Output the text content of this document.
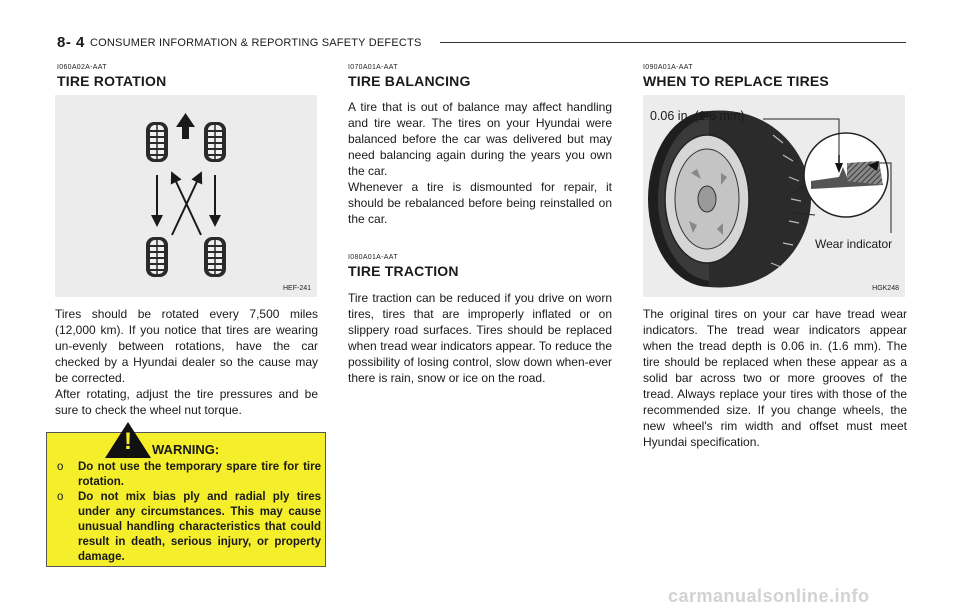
8- 4 CONSUMER INFORMATION & REPORTING SAFETY DEFECTS
I060A02A-AAT
TIRE ROTATION
HEF-241
Tires should be rotated every 7,500 miles (12,000 km). If you notice that tires are wearing un-evenly between rotations, have the car checked by a Hyundai dealer so the cause may be corrected.
After rotating, adjust the tire pressures and be sure to check the wheel nut torque.
! WARNING:
o Do not use the temporary spare tire for tire rotation.
o Do not mix bias ply and radial ply tires under any circumstances. This may cause unusual handling characteristics that could result in death, serious injury, or property damage.
I070A01A-AAT
TIRE BALANCING
A tire that is out of balance may affect handling and tire wear. The tires on your Hyundai were balanced before the car was delivered but may need balancing again during the years you own the car.
Whenever a tire is dismounted for repair, it should be rebalanced before being reinstalled on the car.
I080A01A-AAT
TIRE TRACTION
Tire traction can be reduced if you drive on worn tires, tires that are improperly inflated or on slippery road surfaces. Tires should be replaced when tread wear indicators appear. To reduce the possibility of losing control, slow down when-ever there is rain, snow or ice on the road.
I090A01A-AAT
WHEN TO REPLACE TIRES
0.06 in. (1.6 mm)
Wear indicator
HGK248
The original tires on your car have tread wear indicators. The tread wear indicators appear when the tread depth is 0.06 in. (1.6 mm). The tire should be replaced when these appear as a solid bar across two or more grooves of the tread. Always replace your tires with those of the recommended size. If you change wheels, the new wheel's rim width and offset must meet Hyundai specification.
carmanualsonline.info
